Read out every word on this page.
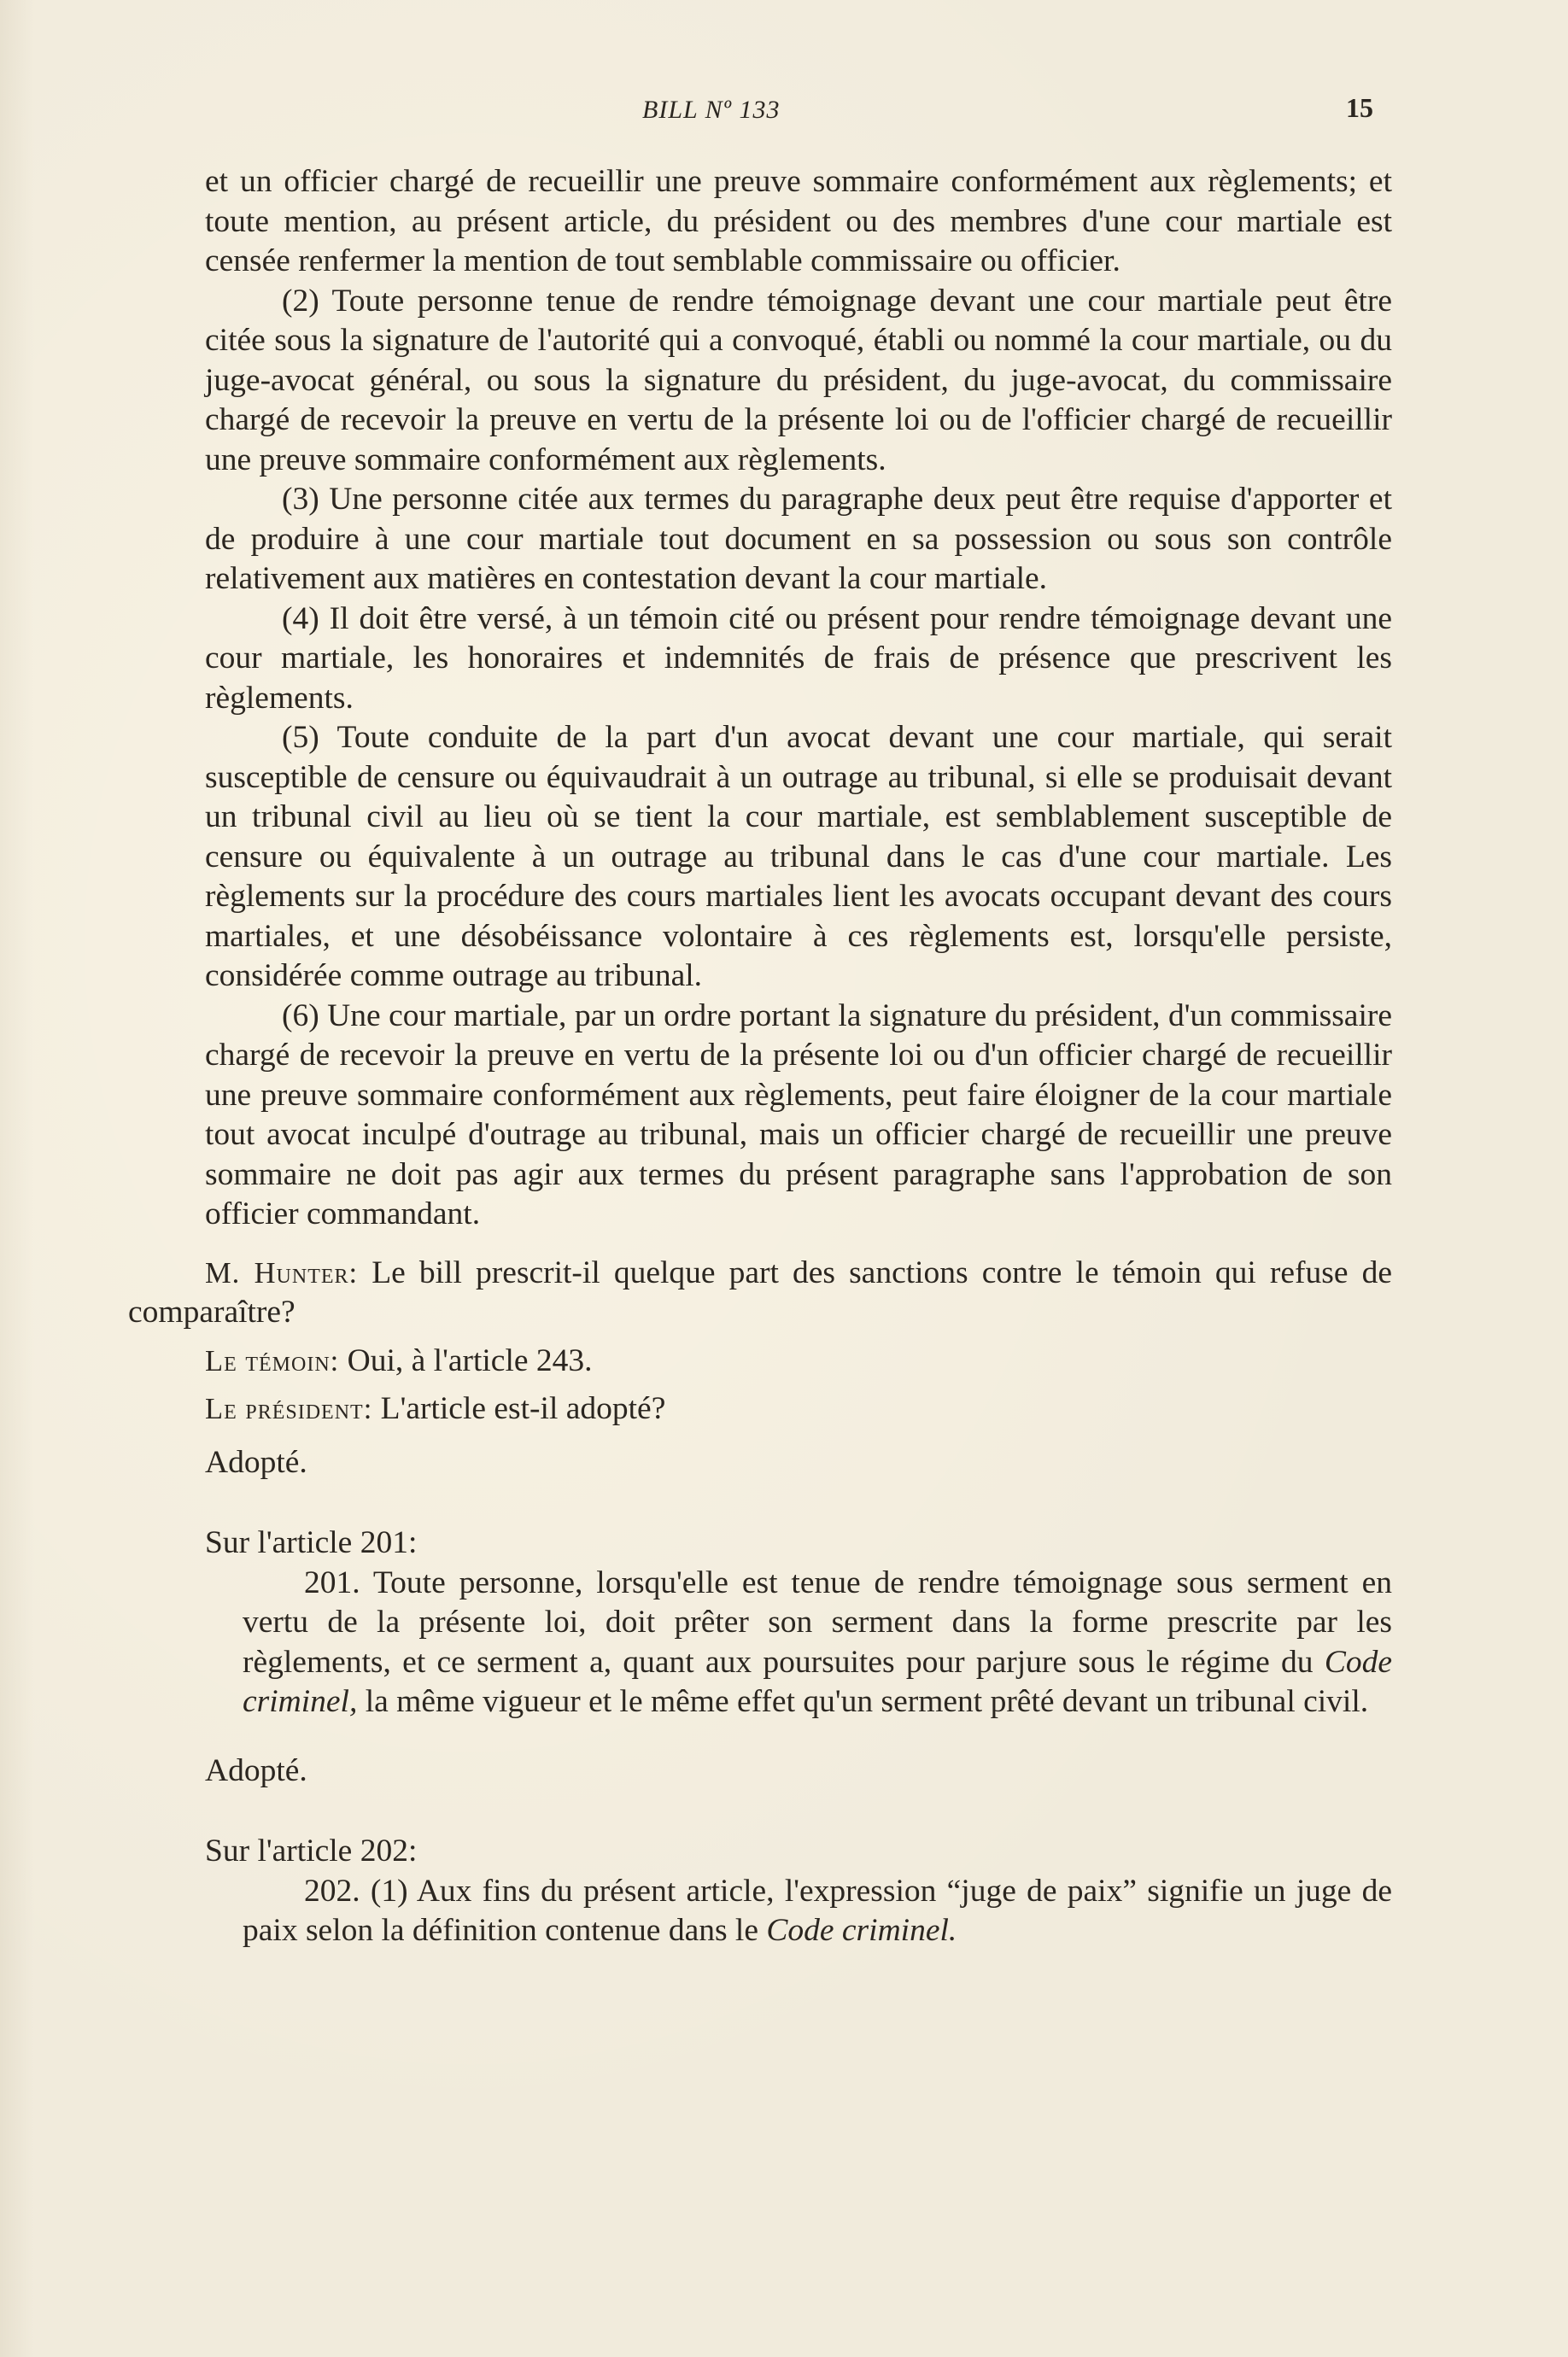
BILL Nº 133	15

et un officier chargé de recueillir une preuve sommaire conformément aux règlements; et toute mention, au présent article, du président ou des membres d'une cour martiale est censée renfermer la mention de tout semblable commissaire ou officier.

(2) Toute personne tenue de rendre témoignage devant une cour martiale peut être citée sous la signature de l'autorité qui a convoqué, établi ou nommé la cour martiale, ou du juge-avocat général, ou sous la signature du président, du juge-avocat, du commissaire chargé de recevoir la preuve en vertu de la présente loi ou de l'officier chargé de recueillir une preuve sommaire conformément aux règlements.

(3) Une personne citée aux termes du paragraphe deux peut être requise d'apporter et de produire à une cour martiale tout document en sa possession ou sous son contrôle relativement aux matières en contestation devant la cour martiale.

(4) Il doit être versé, à un témoin cité ou présent pour rendre témoignage devant une cour martiale, les honoraires et indemnités de frais de présence que prescrivent les règlements.

(5) Toute conduite de la part d'un avocat devant une cour martiale, qui serait susceptible de censure ou équivaudrait à un outrage au tribunal, si elle se produisait devant un tribunal civil au lieu où se tient la cour martiale, est semblablement susceptible de censure ou équivalente à un outrage au tribunal dans le cas d'une cour martiale. Les règlements sur la procédure des cours martiales lient les avocats occupant devant des cours martiales, et une désobéissance volontaire à ces règlements est, lorsqu'elle persiste, considérée comme outrage au tribunal.

(6) Une cour martiale, par un ordre portant la signature du président, d'un commissaire chargé de recevoir la preuve en vertu de la présente loi ou d'un officier chargé de recueillir une preuve sommaire conformément aux règlements, peut faire éloigner de la cour martiale tout avocat inculpé d'outrage au tribunal, mais un officier chargé de recueillir une preuve sommaire ne doit pas agir aux termes du présent paragraphe sans l'approbation de son officier commandant.

M. Hunter: Le bill prescrit-il quelque part des sanctions contre le témoin qui refuse de comparaître?

Le témoin: Oui, à l'article 243.

Le président: L'article est-il adopté?

Adopté.

Sur l'article 201:

201. Toute personne, lorsqu'elle est tenue de rendre témoignage sous serment en vertu de la présente loi, doit prêter son serment dans la forme prescrite par les règlements, et ce serment a, quant aux poursuites pour parjure sous le régime du Code criminel, la même vigueur et le même effet qu'un serment prêté devant un tribunal civil.

Adopté.

Sur l'article 202:

202. (1) Aux fins du présent article, l'expression “juge de paix” signifie un juge de paix selon la définition contenue dans le Code criminel.
